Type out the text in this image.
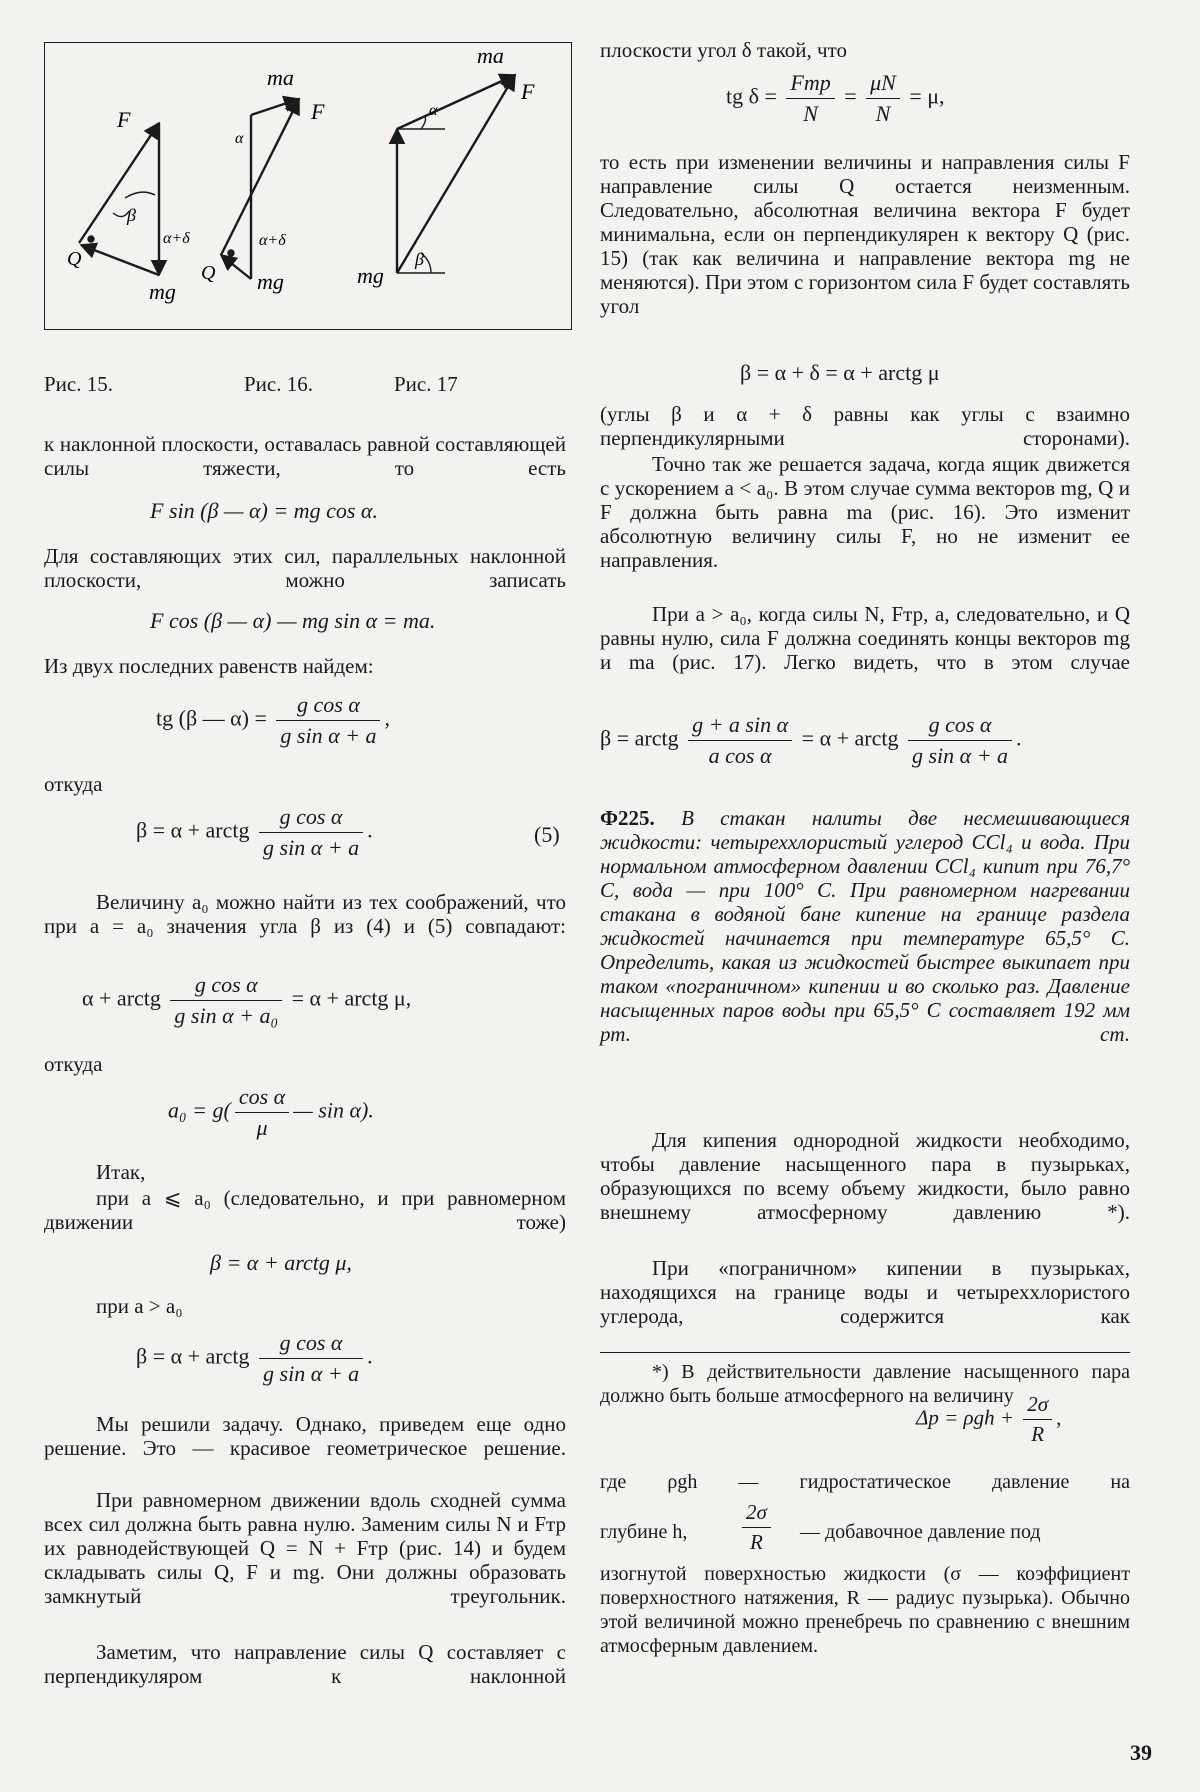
F
β
α+δ
Q
mg
ma
F
α
α+δ
Q mg
ma
F
α
β
mg
Рис. 15.	Рис. 16.	Рис. 17
к наклонной плоскости, оставалась равной составляющей силы тяжести, то есть
F sin (β — α) = mg cos α.
Для составляющих этих сил, параллельных наклонной плоскости, можно записать
F cos (β — α) — mg sin α = ma.
Из двух последних равенств найдем:
tg (β — $\alpha) = \frac{\text{g cos α}}{\text{g sin α + a}}$ ,
откуда
β = α + arctg $\frac{\text{g cos α}}{\text{g sin α + a}}$ .	(5)
Величину a₀ можно найти из тех соображений, что при a = a₀ значения угла β из (4) и (5) совпадают:
α + arctg $\frac{\text{g cos α}}{\text{g sin α + a₀}} = \alpha$ + arctg μ,
откуда
$a_0 = g( \frac{\text{cos α}}{\mu}$ — sin α).
Итак,
при a ⩽ a₀ (следовательно, и при равномерном движении тоже)
β = α + arctg μ,
при a > a₀
β = α + arctg $\frac{\text{g cos α}}{\text{g sin α + a}}$ .
Мы решили задачу. Однако, приведем еще одно решение. Это — красивое геометрическое решение.
При равномерном движении вдоль сходней сумма всех сил должна быть равна нулю. Заменим силы N и Fтр их равнодействующей Q = N + Fтр (рис. 14) и будем складывать силы Q, F и mg. Они должны образовать замкнутый треугольник.
Заметим, что направление силы Q составляет с перпендикуляром к наклонной
плоскости угол δ такой, что
tg $\delta = \frac{\text{Fтр}}{N} = \frac{\mu N}{N} = \mu$,
то есть при изменении величины и направления силы F направление силы Q остается неизменным. Следовательно, абсолютная величина вектора F будет минимальна, если он перпендикулярен к вектору Q (рис. 15) (так как величина и направление вектора mg не меняются). При этом с горизонтом сила F будет составлять угол
β = α + δ = α + arctg μ
(углы β и α + δ равны как углы с взаимно перпендикулярными сторонами).
Точно так же решается задача, когда ящик движется с ускорением a < a₀. В этом случае сумма векторов mg, Q и F должна быть равна ma (рис. 16). Это изменит абсолютную величину силы F, но не изменит ее направления.
При a > a₀, когда силы N, Fтр, a, следовательно, и Q равны нулю, сила F должна соединять концы векторов mg и ma (рис. 17). Легко видеть, что в этом случае
β = arctg $\frac{\text{g + a sin α}}{\text{a cos α}} = \alpha$ + arctg $\frac{\text{g cos α}}{\text{g sin α + a}}$ .
Ф225. В стакан налиты две несмешивающиеся жидкости: четыреххлористый углерод CCl₄ и вода. При нормальном атмосферном давлении CCl₄ кипит при 76,7° C, вода — при 100° C. При равномерном нагревании стакана в водяной бане кипение на границе раздела жидкостей начинается при температуре 65,5° C. Определить, какая из жидкостей быстрее выкипает при таком «пограничном» кипении и во сколько раз. Давление насыщенных паров воды при 65,5° C составляет 192 мм рт. ст.
Для кипения однородной жидкости необходимо, чтобы давление насыщенного пара в пузырьках, образующихся по всему объему жидкости, было равно внешнему атмосферному давлению *).
При «пограничном» кипении в пузырьках, находящихся на границе воды и четыреххлористого углерода, содержится как
*) В действительности давление насыщенного пара должно быть больше атмосферного на величину
$\Delta p = \rho gh + \frac{2\sigma}{R}$ ,
где ρgh — гидростатическое давление на
глубине h,	$\frac{2\sigma}{R}$ — добавочное давление под
изогнутой поверхностью жидкости (σ — коэффициент поверхностного натяжения, R — радиус пузырька). Обычно этой величиной можно пренебречь по сравнению с внешним атмосферным давлением.
39
